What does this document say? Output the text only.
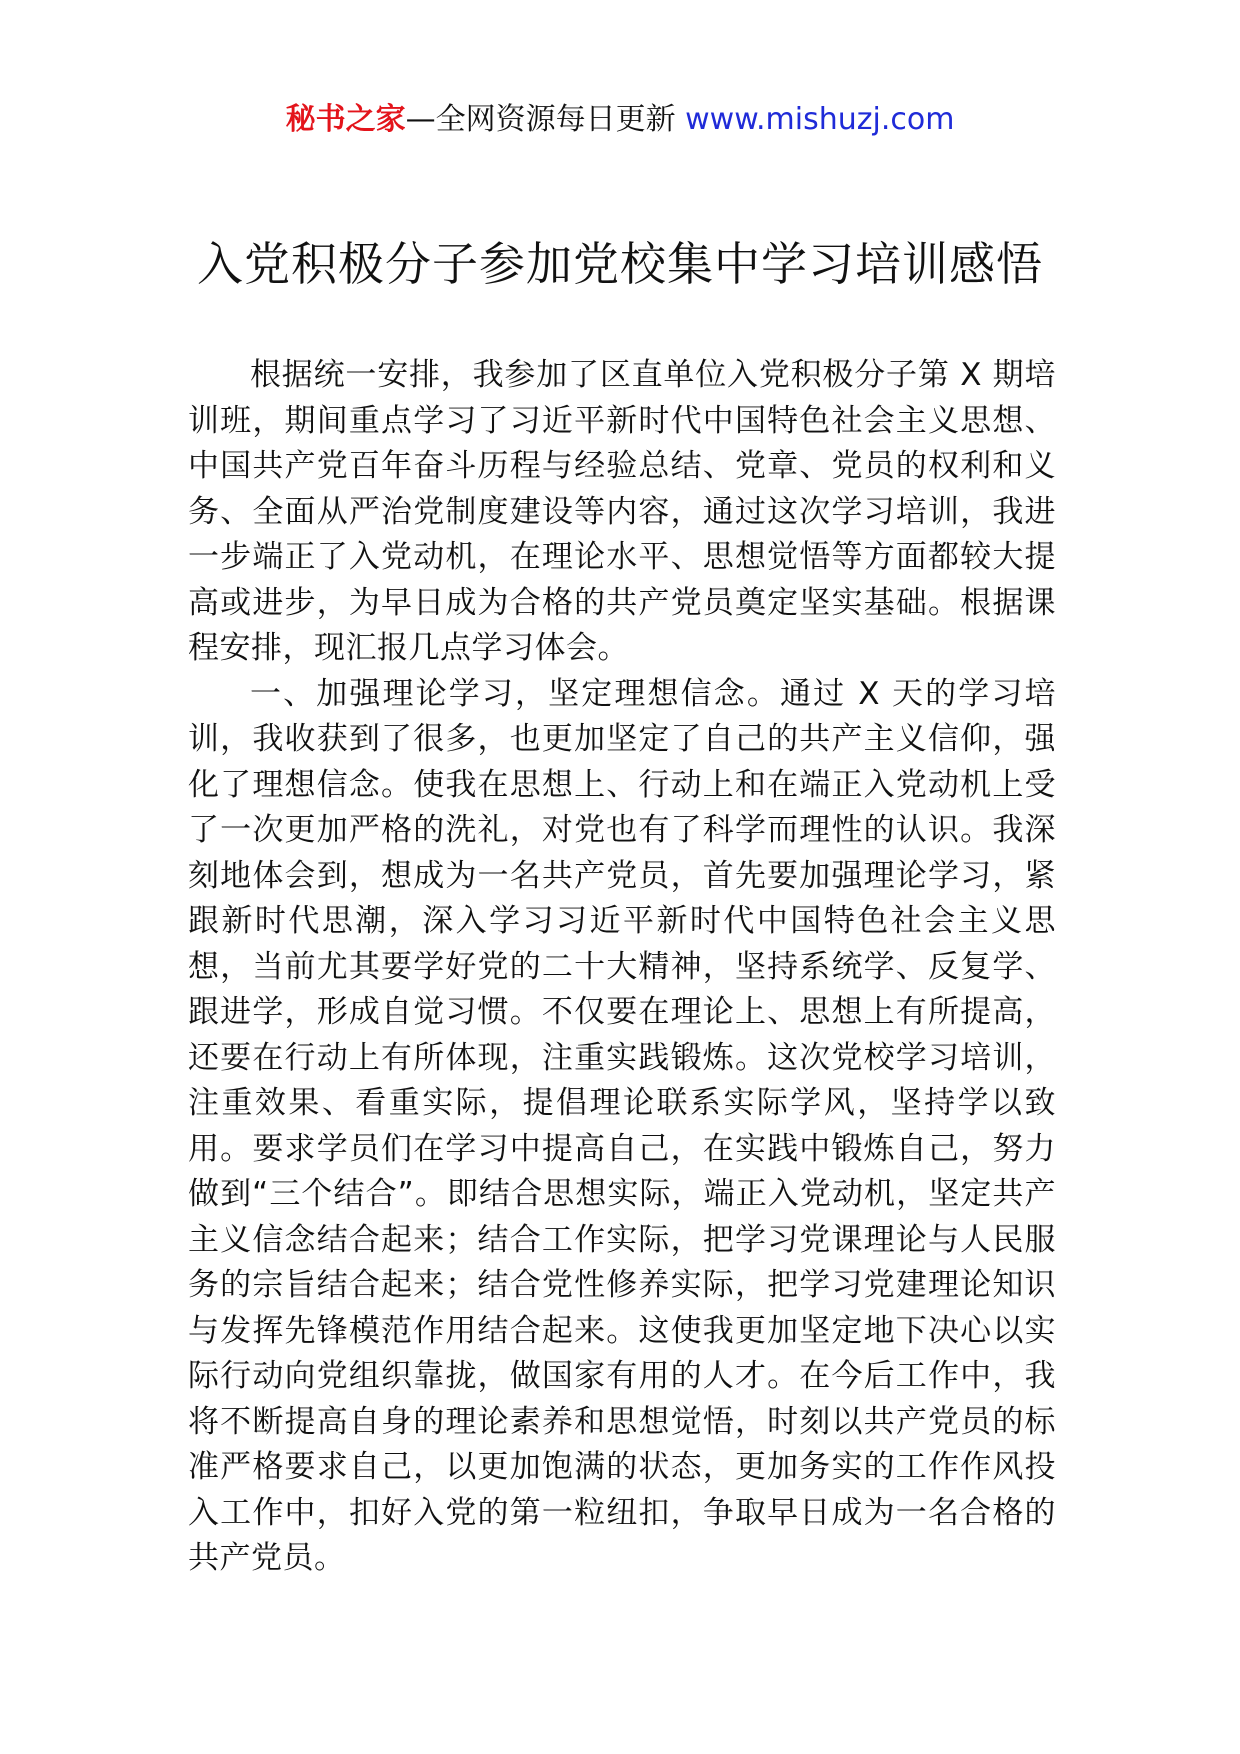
秘书之家—全网资源每日更新 www.mishuzj.com
入党积极分子参加党校集中学习培训感悟

根据统一安排，我参加了区直单位入党积极分子第 X 期培训班，期间重点学习了习近平新时代中国特色社会主义思想、中国共产党百年奋斗历程与经验总结、党章、党员的权利和义务、全面从严治党制度建设等内容，通过这次学习培训，我进一步端正了入党动机，在理论水平、思想觉悟等方面都较大提高或进步，为早日成为合格的共产党员奠定坚实基础。根据课程安排，现汇报几点学习体会。

一、加强理论学习，坚定理想信念。通过 X 天的学习培训，我收获到了很多，也更加坚定了自己的共产主义信仰，强化了理想信念。使我在思想上、行动上和在端正入党动机上受了一次更加严格的洗礼，对党也有了科学而理性的认识。我深刻地体会到，想成为一名共产党员，首先要加强理论学习，紧跟新时代思潮，深入学习习近平新时代中国特色社会主义思想，当前尤其要学好党的二十大精神，坚持系统学、反复学、跟进学，形成自觉习惯。不仅要在理论上、思想上有所提高，还要在行动上有所体现，注重实践锻炼。这次党校学习培训，注重效果、看重实际，提倡理论联系实际学风，坚持学以致用。要求学员们在学习中提高自己，在实践中锻炼自己，努力做到“三个结合”。即结合思想实际，端正入党动机，坚定共产主义信念结合起来；结合工作实际，把学习党课理论与人民服务的宗旨结合起来；结合党性修养实际，把学习党建理论知识与发挥先锋模范作用结合起来。这使我更加坚定地下决心以实际行动向党组织靠拢，做国家有用的人才。在今后工作中，我将不断提高自身的理论素养和思想觉悟，时刻以共产党员的标准严格要求自己，以更加饱满的状态，更加务实的工作作风投入工作中，扣好入党的第一粒纽扣，争取早日成为一名合格的共产党员。
